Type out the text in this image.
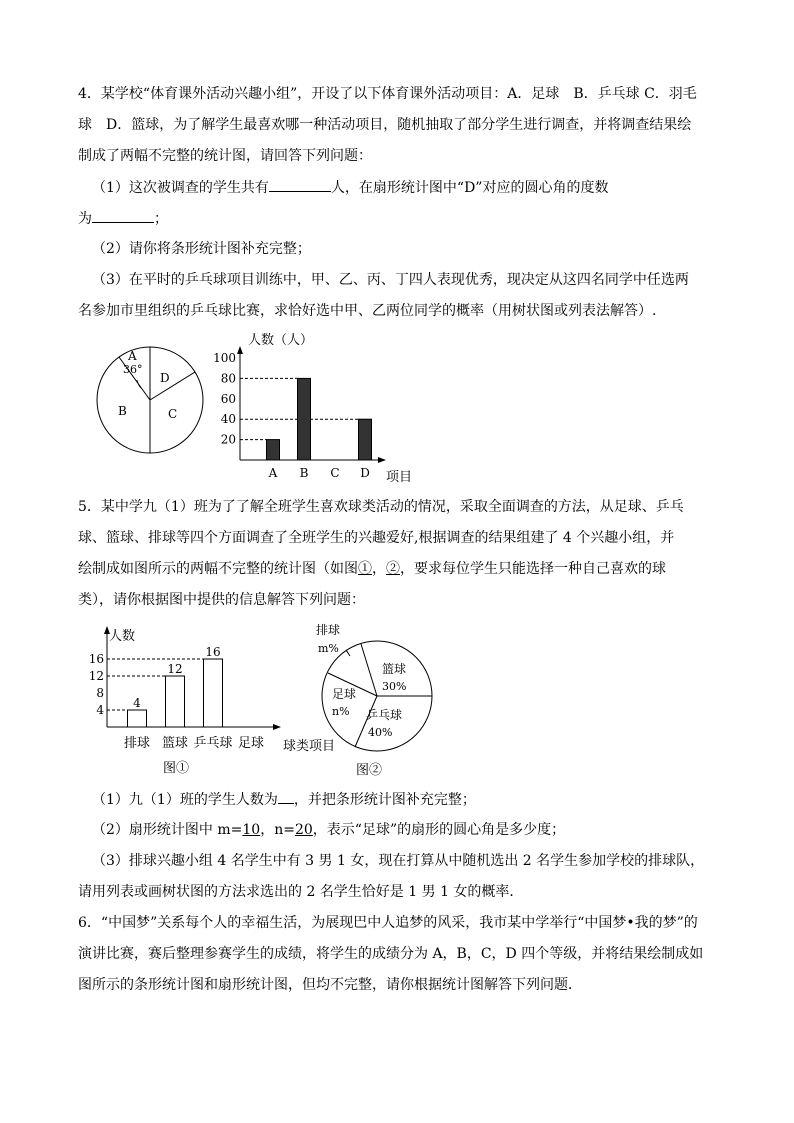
4．某学校“体育课外活动兴趣小组”，开设了以下体育课外活动项目：A．足球　B．乒乓球 C．羽毛
球　D．篮球，为了解学生最喜欢哪一种活动项目，随机抽取了部分学生进行调查，并将调查结果绘
制成了两幅不完整的统计图，请回答下列问题：
（1）这次被调查的学生共有	人，在扇形统计图中“D”对应的圆心角的度数
为	；
（2）请你将条形统计图补充完整；
（3）在平时的乒乓球项目训练中，甲、乙、丙、丁四人表现优秀，现决定从这四名同学中任选两
名参加市里组织的乒乓球比赛，求恰好选中甲、乙两位同学的概率（用树状图或列表法解答）.
A
36°
D
B	C
人数（人）
项目
20
40
60
80
100
A B C D
5．某中学九（1）班为了了解全班学生喜欢球类活动的情况，采取全面调查的方法，从足球、乒乓
球、篮球、排球等四个方面调查了全班学生的兴趣爱好,根据调查的结果组建了 4 个兴趣小组，并
绘制成如图所示的两幅不完整的统计图（如图①，②，要求每位学生只能选择一种自己喜欢的球
类），请你根据图中提供的信息解答下列问题：
人数
球类项目
图①
4
8
12
16
4
12
16
排球 篮球 乒乓球 足球
排球
m%
篮球
30%
足球
n% 乒乓球
40%
图②
（1）九（1）班的学生人数为 ，并把条形统计图补充完整；
（2）扇形统计图中 m=10，n=20，表示“足球”的扇形的圆心角是多少度；
（3）排球兴趣小组 4 名学生中有 3 男 1 女，现在打算从中随机选出 2 名学生参加学校的排球队，
请用列表或画树状图的方法求选出的 2 名学生恰好是 1 男 1 女的概率．
6．“中国梦”关系每个人的幸福生活，为展现巴中人追梦的风采，我市某中学举行“中国梦•我的梦”的
演讲比赛，赛后整理参赛学生的成绩，将学生的成绩分为 A，B，C，D 四个等级，并将结果绘制成如
图所示的条形统计图和扇形统计图，但均不完整，请你根据统计图解答下列问题．
